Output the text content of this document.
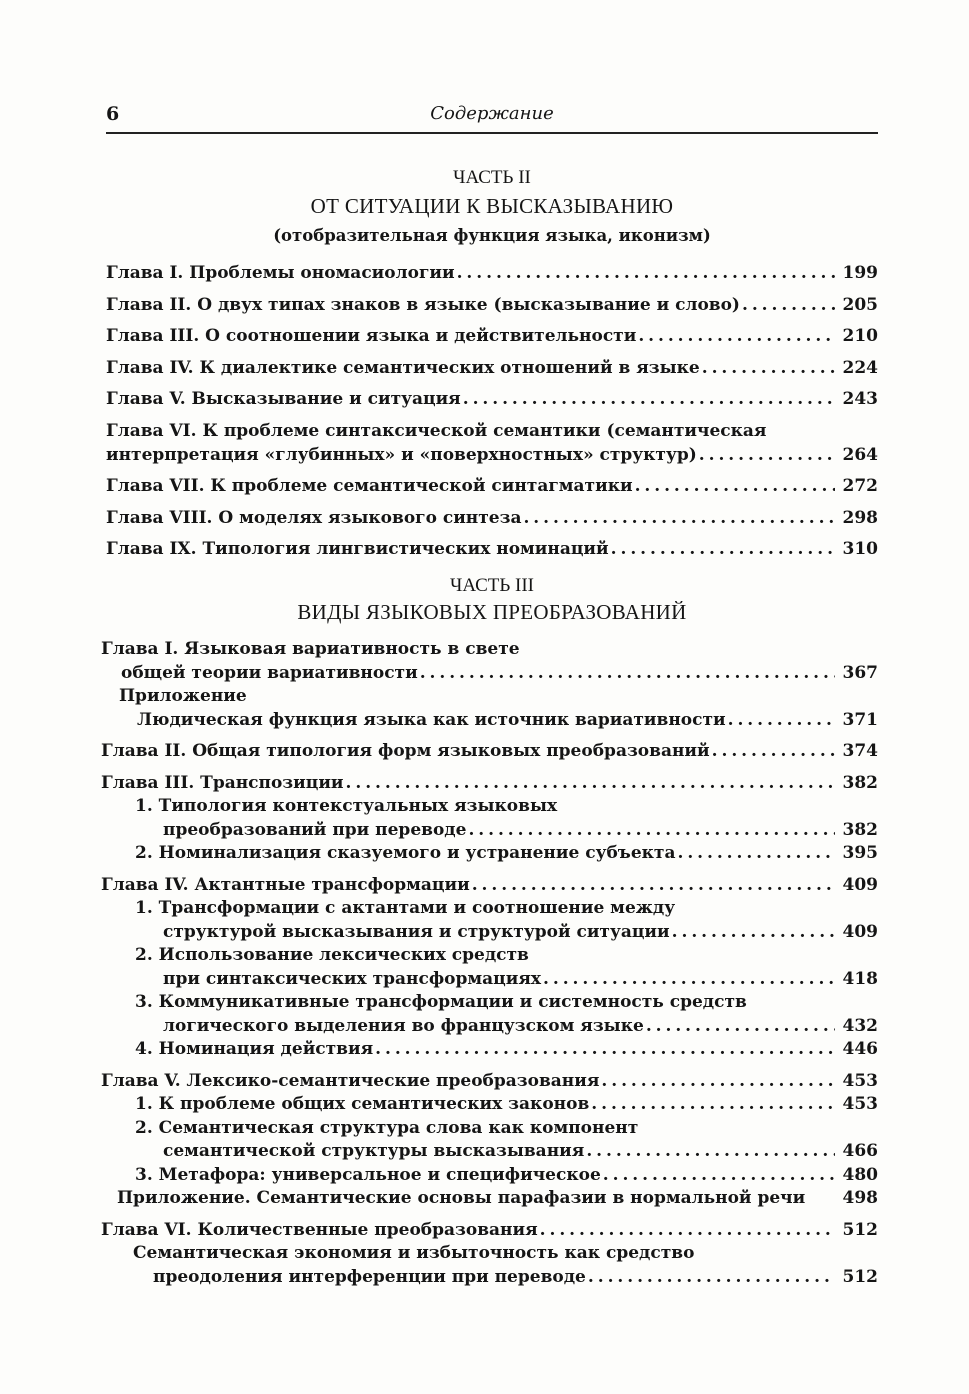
6	Содержание
ЧАСТЬ II
ОТ СИТУАЦИИ К ВЫСКАЗЫВАНИЮ
(отобразительная функция языка, иконизм)
Глава I. Проблемы ономасиологии . . .	199
Глава II. О двух типах знаков в языке (высказывание и слово) . . .	205
Глава III. О соотношении языка и действительности . . .	210
Глава IV. К диалектике семантических отношений в языке . . .	224
Глава V. Высказывание и ситуация . . .	243
Глава VI. К проблеме синтаксической семантики (семантическая
интерпретация «глубинных» и «поверхностных» структур) . . .	264
Глава VII. К проблеме семантической синтагматики . . .	272
Глава VIII. О моделях языкового синтеза . . .	298
Глава IX. Типология лингвистических номинаций . . .	310
ЧАСТЬ III
ВИДЫ ЯЗЫКОВЫХ ПРЕОБРАЗОВАНИЙ
Глава I. Языковая вариативность в свете
общей теории вариативности . . .	367
Приложение
Людическая функция языка как источник вариативности . . .	371
Глава II. Общая типология форм языковых преобразований . . .	374
Глава III. Транспозиции . . .	382
1. Типология контекстуальных языковых
преобразований при переводе . . .	382
2. Номинализация сказуемого и устранение субъекта . . .	395
Глава IV. Актантные трансформации . . .	409
1. Трансформации с актантами и соотношение между
структурой высказывания и структурой ситуации . . .	409
2. Использование лексических средств
при синтаксических трансформациях . . .	418
3. Коммуникативные трансформации и системность средств
логического выделения во французском языке . . .	432
4. Номинация действия . . .	446
Глава V. Лексико-семантические преобразования . . .	453
1. К проблеме общих семантических законов . . .	453
2. Семантическая структура слова как компонент
семантической структуры высказывания . . .	466
3. Метафора: универсальное и специфическое . . .	480
Приложение. Семантические основы парафазии в нормальной речи 498
Глава VI. Количественные преобразования . . .	512
Семантическая экономия и избыточность как средство
преодоления интерференции при переводе . . .	512
